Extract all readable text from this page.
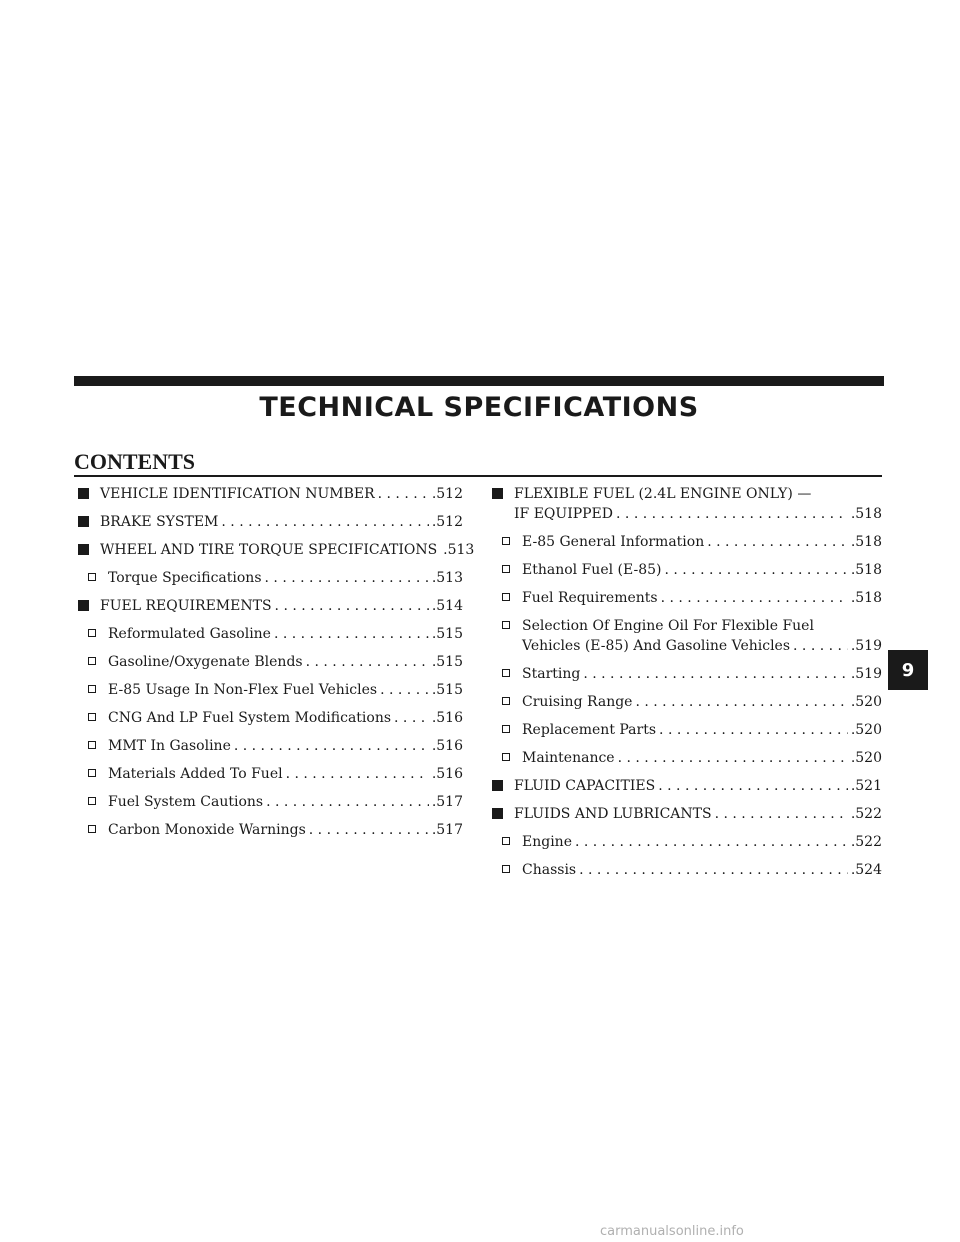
TECHNICAL SPECIFICATIONS
CONTENTS
VEHICLE IDENTIFICATION NUMBER . . .	.512
BRAKE SYSTEM . . .	.512
WHEEL AND TIRE TORQUE SPECIFICATIONS .513
Torque Specifications . . .	.513
FUEL REQUIREMENTS . . .	.514
Reformulated Gasoline . . .	.515
Gasoline/Oxygenate Blends . . .	.515
E-85 Usage In Non-Flex Fuel Vehicles . . .	.515
CNG And LP Fuel System Modifications . . .	.516
MMT In Gasoline . . .	.516
Materials Added To Fuel . . .	.516
Fuel System Cautions . . .	.517
Carbon Monoxide Warnings . . .	.517
FLEXIBLE FUEL (2.4L ENGINE ONLY) —
IF EQUIPPED . . .	.518
E-85 General Information . . .	.518
Ethanol Fuel (E-85) . . .	.518
Fuel Requirements . . .	.518
Selection Of Engine Oil For Flexible Fuel
Vehicles (E-85) And Gasoline Vehicles . . .	.519
Starting . . .	.519
Cruising Range . . .	.520
Replacement Parts . . .	.520
Maintenance . . .	.520
FLUID CAPACITIES . . .	.521
FLUIDS AND LUBRICANTS . . .	.522
Engine . . .	.522
Chassis . . .	.524
9
carmanualsonline.info
